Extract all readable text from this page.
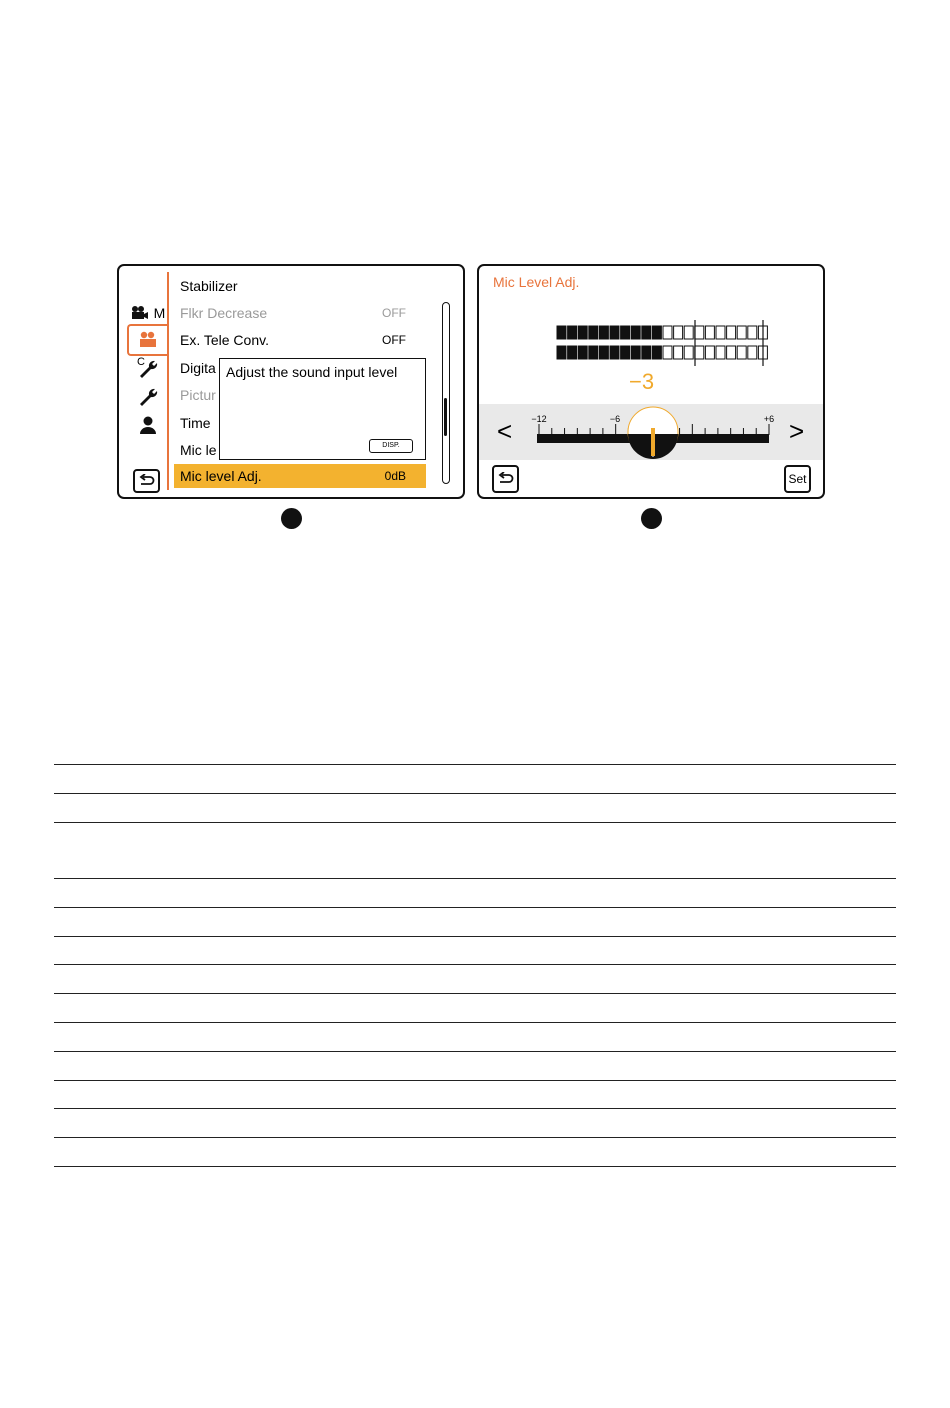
M
C
Stabilizer
Flkr Decrease	OFF
Ex. Tele Conv.	OFF
Digita
Pictur
Time
Mic le
Mic level Adj.	0dB
Adjust the sound input level
DISP.
Mic Level Adj.
−3
<	>
−12	−6	+6
Set
